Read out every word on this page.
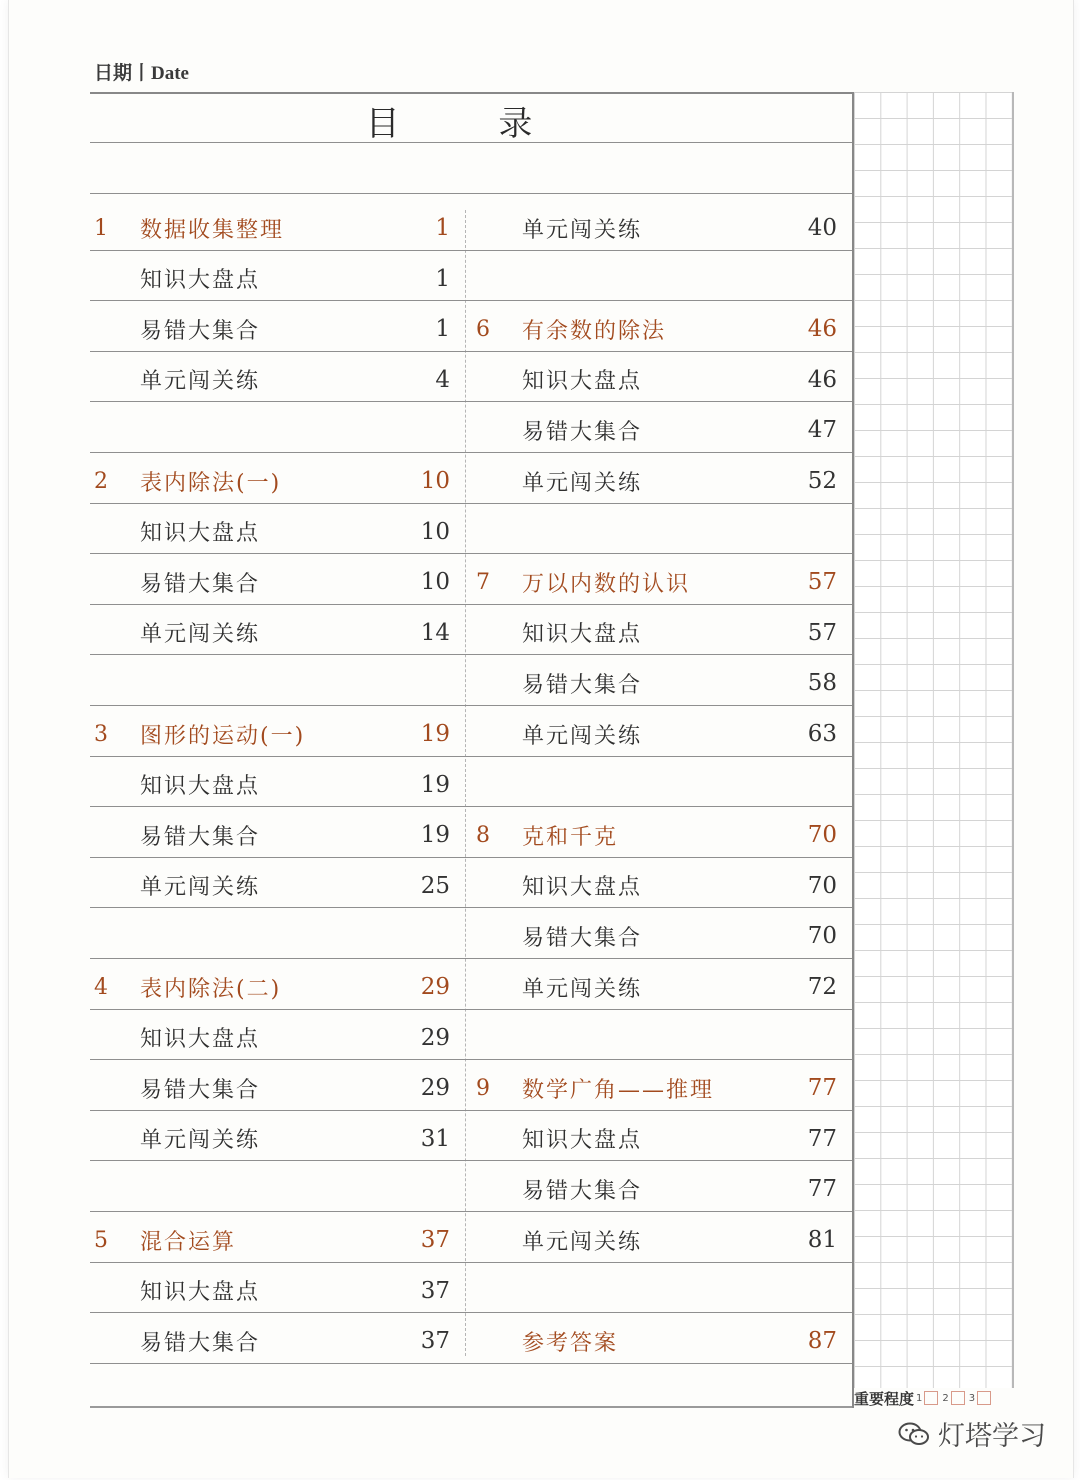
日期丨Date
目 录
重要程度 1 2 3
1	数据收集整理	1
知识大盘点	1
易错大集合	1
单元闯关练	4
2	表内除法(一)	10
知识大盘点	10
易错大集合	10
单元闯关练	14
3	图形的运动(一)	19
知识大盘点	19
易错大集合	19
单元闯关练	25
4	表内除法(二)	29
知识大盘点	29
易错大集合	29
单元闯关练	31
5	混合运算	37
知识大盘点	37
易错大集合	37
单元闯关练	40
6	有余数的除法	46
知识大盘点	46
易错大集合	47
单元闯关练	52
7	万以内数的认识	57
知识大盘点	57
易错大集合	58
单元闯关练	63
8	克和千克	70
知识大盘点	70
易错大集合	70
单元闯关练	72
9	数学广角——推理	77
知识大盘点	77
易错大集合	77
单元闯关练	81
参考答案	87
灯塔学习
